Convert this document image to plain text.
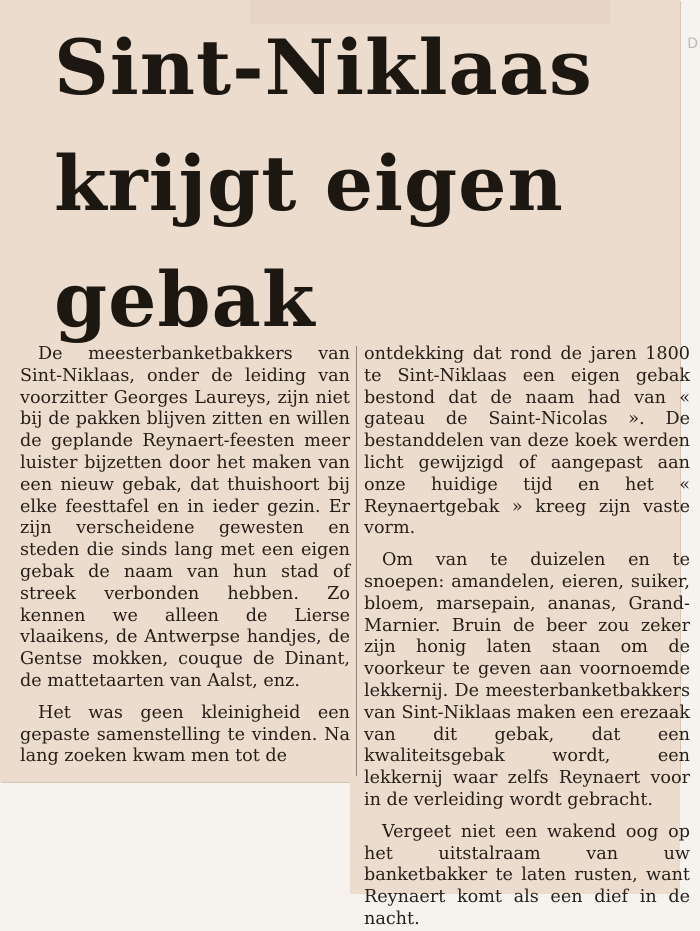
Sint-Niklaas
krijgt eigen
gebak

De meesterbanketbakkers van Sint-Niklaas, onder de leiding van voorzitter Georges Laureys, zijn niet bij de pakken blijven zitten en willen de geplande Reynaert-feesten meer luister bijzetten door het maken van een nieuw gebak, dat thuishoort bij elke feesttafel en in ieder gezin. Er zijn verscheidene gewesten en steden die sinds lang met een eigen gebak de naam van hun stad of streek verbonden hebben. Zo kennen we alleen de Lierse vlaaikens, de Antwerpse handjes, de Gentse mokken, couque de Dinant, de mattetaarten van Aalst, enz.

Het was geen kleinigheid een gepaste samenstelling te vinden. Na lang zoeken kwam men tot de

ontdekking dat rond de jaren 1800 te Sint-Niklaas een eigen gebak bestond dat de naam had van « gateau de Saint-Nicolas ». De bestanddelen van deze koek werden licht gewijzigd of aangepast aan onze huidige tijd en het « Reynaertgebak » kreeg zijn vaste vorm.

Om van te duizelen en te snoepen: amandelen, eieren, suiker, bloem, marsepain, ananas, Grand-Marnier. Bruin de beer zou zeker zijn honig laten staan om de voorkeur te geven aan voornoemde lekkernij. De meesterbanketbakkers van Sint-Niklaas maken een erezaak van dit gebak, dat een kwaliteitsgebak wordt, een lekkernij waar zelfs Reynaert voor in de verleiding wordt gebracht.

Vergeet niet een wakend oog op het uitstalraam van uw banketbakker te laten rusten, want Reynaert komt als een dief in de nacht.

D
